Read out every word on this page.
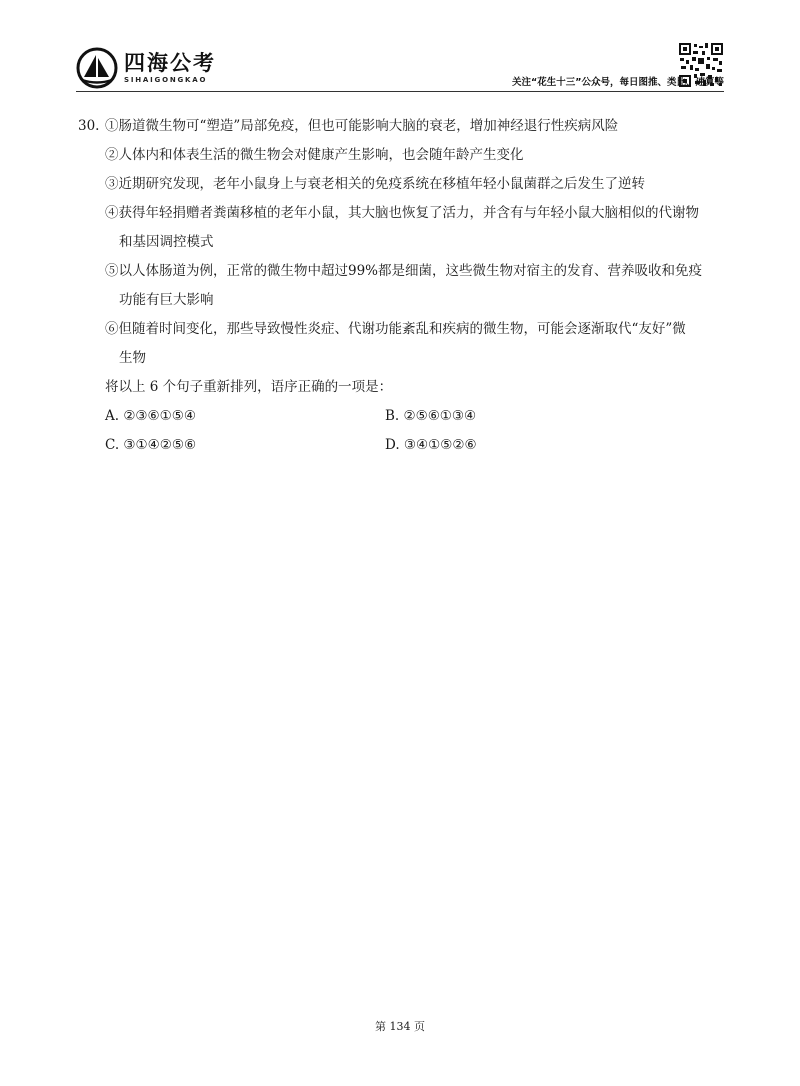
四海公考
SIHAIGONGKAO	关注“花生十三”公众号，每日图推、类比、速算等
30. ①肠道微生物可“塑造”局部免疫，但也可能影响大脑的衰老，增加神经退行性疾病风险
②人体内和体表生活的微生物会对健康产生影响，也会随年龄产生变化
③近期研究发现，老年小鼠身上与衰老相关的免疫系统在移植年轻小鼠菌群之后发生了逆转
④获得年轻捐赠者粪菌移植的老年小鼠，其大脑也恢复了活力，并含有与年轻小鼠大脑相似的代谢物
和基因调控模式
⑤以人体肠道为例，正常的微生物中超过99%都是细菌，这些微生物对宿主的发育、营养吸收和免疫
功能有巨大影响
⑥但随着时间变化，那些导致慢性炎症、代谢功能紊乱和疾病的微生物，可能会逐渐取代“友好”微
生物
将以上 6 个句子重新排列，语序正确的一项是：
A. ②③⑥①⑤④	B. ②⑤⑥①③④
C. ③①④②⑤⑥	D. ③④①⑤②⑥
第 134 页
